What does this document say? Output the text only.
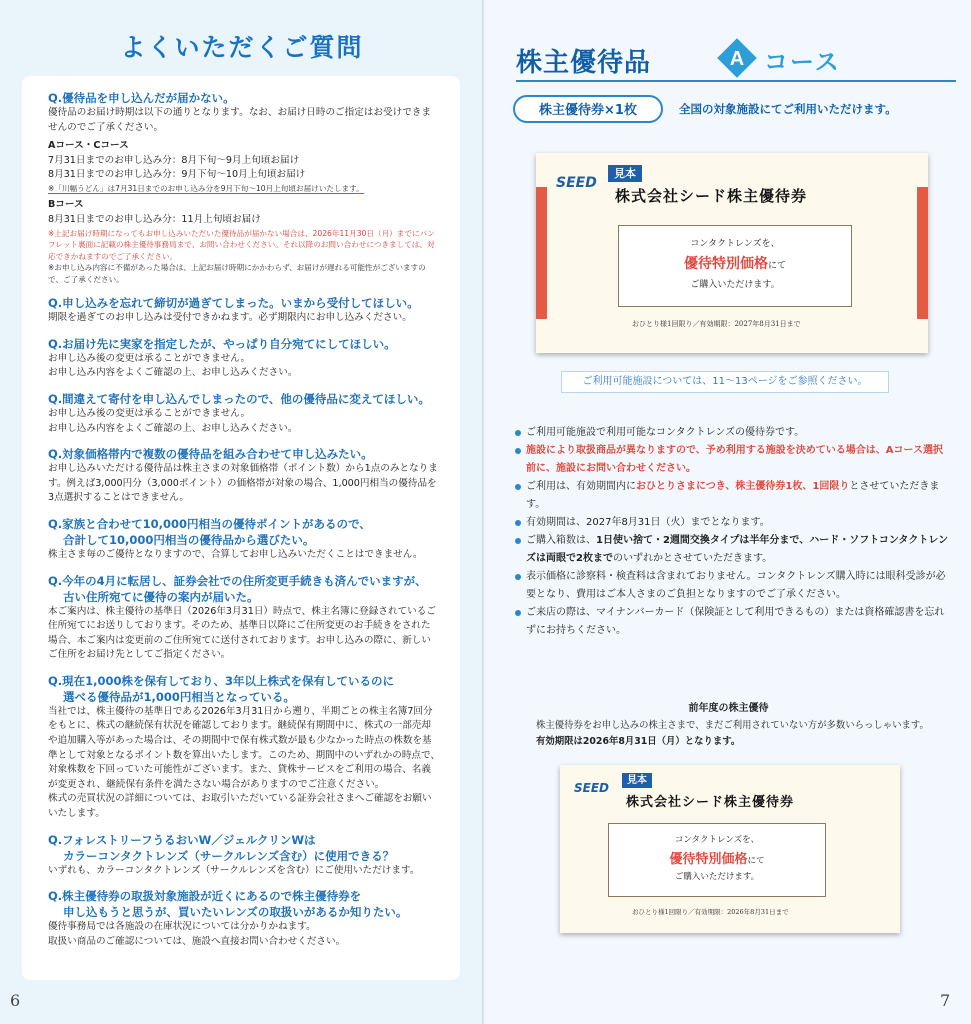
よくいただくご質問
Q.優待品を申し込んだが届かない。
優待品のお届け時期は以下の通りとなります。なお、お届け日時のご指定はお受けできませんのでご了承ください。
Aコース・Cコース
7月31日までのお申し込み分：8月下旬〜9月上旬頃お届け
8月31日までのお申し込み分：9月下旬〜10月上旬頃お届け
※「川幅うどん」は7月31日までのお申し込み分を9月下旬〜10月上旬頃お届けいたします。
Bコース
8月31日までのお申し込み分：11月上旬頃お届け
※上記お届け時期になってもお申し込みいただいた優待品が届かない場合は、2026年11月30日（月）までにパンフレット裏面に記載の株主優待事務局まで、お問い合わせください。それ以降のお問い合わせにつきましては、対応できかねますのでご了承ください。
※お申し込み内容に不備があった場合は、上記お届け時期にかかわらず、お届けが遅れる可能性がございますので、ご了承ください。
Q.申し込みを忘れて締切が過ぎてしまった。いまから受付してほしい。
期限を過ぎてのお申し込みは受付できかねます。必ず期限内にお申し込みください。
Q.お届け先に実家を指定したが、やっぱり自分宛てにしてほしい。
お申し込み後の変更は承ることができません。
お申し込み内容をよくご確認の上、お申し込みください。
Q.間違えて寄付を申し込んでしまったので、他の優待品に変えてほしい。
お申し込み後の変更は承ることができません。
お申し込み内容をよくご確認の上、お申し込みください。
Q.対象価格帯内で複数の優待品を組み合わせて申し込みたい。
お申し込みいただける優待品は株主さまの対象価格帯（ポイント数）から1点のみとなります。例えば3,000円分（3,000ポイント）の価格帯が対象の場合、1,000円相当の優待品を3点選択することはできません。
Q.家族と合わせて10,000円相当の優待ポイントがあるので、
合計して10,000円相当の優待品から選びたい。
株主さま毎のご優待となりますので、合算してお申し込みいただくことはできません。
Q.今年の4月に転居し、証券会社での住所変更手続きも済んでいますが、
古い住所宛てに優待の案内が届いた。
本ご案内は、株主優待の基準日（2026年3月31日）時点で、株主名簿に登録されているご住所宛てにお送りしております。そのため、基準日以降にご住所変更のお手続きをされた場合、本ご案内は変更前のご住所宛てに送付されております。お申し込みの際に、新しいご住所をお届け先としてご指定ください。
Q.現在1,000株を保有しており、3年以上株式を保有しているのに
選べる優待品が1,000円相当となっている。
当社では、株主優待の基準日である2026年3月31日から遡り、半期ごとの株主名簿7回分をもとに、株式の継続保有状況を確認しております。継続保有期間中に、株式の一部売却や追加購入等があった場合は、その期間中で保有株式数が最も少なかった時点の株数を基準として対象となるポイント数を算出いたします。このため、期間中のいずれかの時点で、対象株数を下回っていた可能性がございます。また、貸株サービスをご利用の場合、名義が変更され、継続保有条件を満たさない場合がありますのでご注意ください。
株式の売買状況の詳細については、お取引いただいている証券会社さまへご確認をお願いいたします。
Q.フォレストリーフうるおいW／ジェルクリンWは
カラーコンタクトレンズ（サークルレンズ含む）に使用できる？
いずれも、カラーコンタクトレンズ（サークルレンズを含む）にご使用いただけます。
Q.株主優待券の取扱対象施設が近くにあるので株主優待券を
申し込もうと思うが、買いたいレンズの取扱いがあるか知りたい。
優待事務局では各施設の在庫状況については分かりかねます。
取扱い商品のご確認については、施設へ直接お問い合わせください。
6
株主優待品	A コース
株主優待券×1枚	全国の対象施設にてご利用いただけます。
SEED
見本
株式会社シード株主優待券
コンタクトレンズを、
優待特別価格にて
ご購入いただけます。
おひとり様1回限り／有効期限：2027年8月31日まで
ご利用可能施設については、11〜13ページをご参照ください。
ご利用可能施設で利用可能なコンタクトレンズの優待券です。
施設により取扱商品が異なりますので、予め利用する施設を決めている場合は、Aコース選択前に、施設にお問い合わせください。
ご利用は、有効期間内におひとりさまにつき、株主優待券1枚、1回限りとさせていただきます。
有効期間は、2027年8月31日（火）までとなります。
ご購入箱数は、1日使い捨て・2週間交換タイプは半年分まで、ハード・ソフトコンタクトレンズは両眼で2枚までのいずれかとさせていただきます。
表示価格に診察料・検査料は含まれておりません。コンタクトレンズ購入時には眼科受診が必要となり、費用はご本人さまのご負担となりますのでご了承ください。
ご来店の際は、マイナンバーカード（保険証として利用できるもの）または資格確認書を忘れずにお持ちください。
前年度の株主優待
株主優待券をお申し込みの株主さまで、まだご利用されていない方が多数いらっしゃいます。
有効期限は2026年8月31日（月）となります。
SEED
見本
株式会社シード株主優待券
コンタクトレンズを、
優待特別価格にて
ご購入いただけます。
おひとり様1回限り／有効期限：2026年8月31日まで
7
